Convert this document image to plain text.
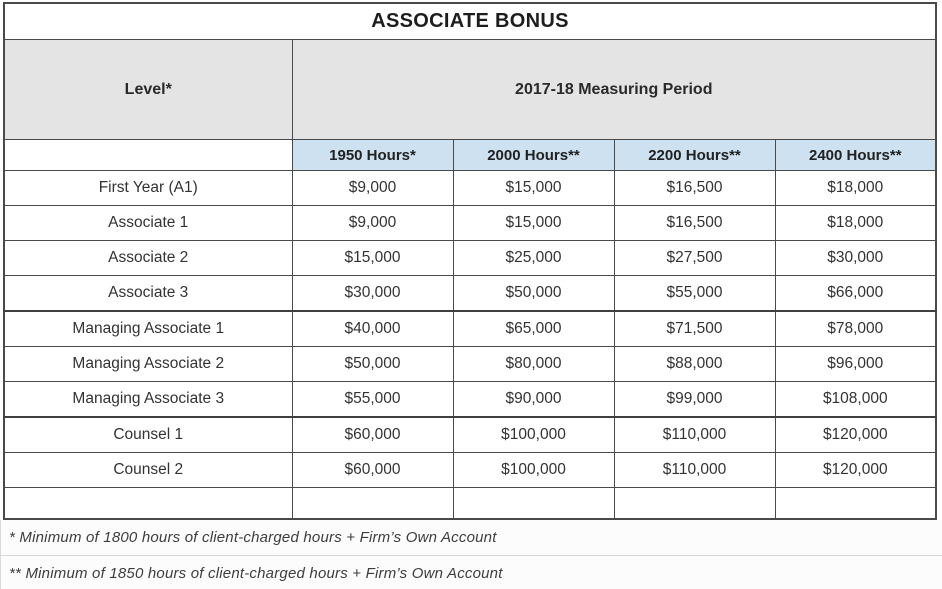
ASSOCIATE BONUS				
Level*	2017-18 Measuring Period			
	1950 Hours*	2000 Hours**	2200 Hours**	2400 Hours**
First Year (A1)	$9,000	$15,000	$16,500	$18,000
Associate 1	$9,000	$15,000	$16,500	$18,000
Associate 2	$15,000	$25,000	$27,500	$30,000
Associate 3	$30,000	$50,000	$55,000	$66,000
Managing Associate 1	$40,000	$65,000	$71,500	$78,000
Managing Associate 2	$50,000	$80,000	$88,000	$96,000
Managing Associate 3	$55,000	$90,000	$99,000	$108,000
Counsel 1	$60,000	$100,000	$110,000	$120,000
Counsel 2	$60,000	$100,000	$110,000	$120,000

* Minimum of 1800 hours of client-charged hours + Firm’s Own Account
** Minimum of 1850 hours of client-charged hours + Firm’s Own Account
